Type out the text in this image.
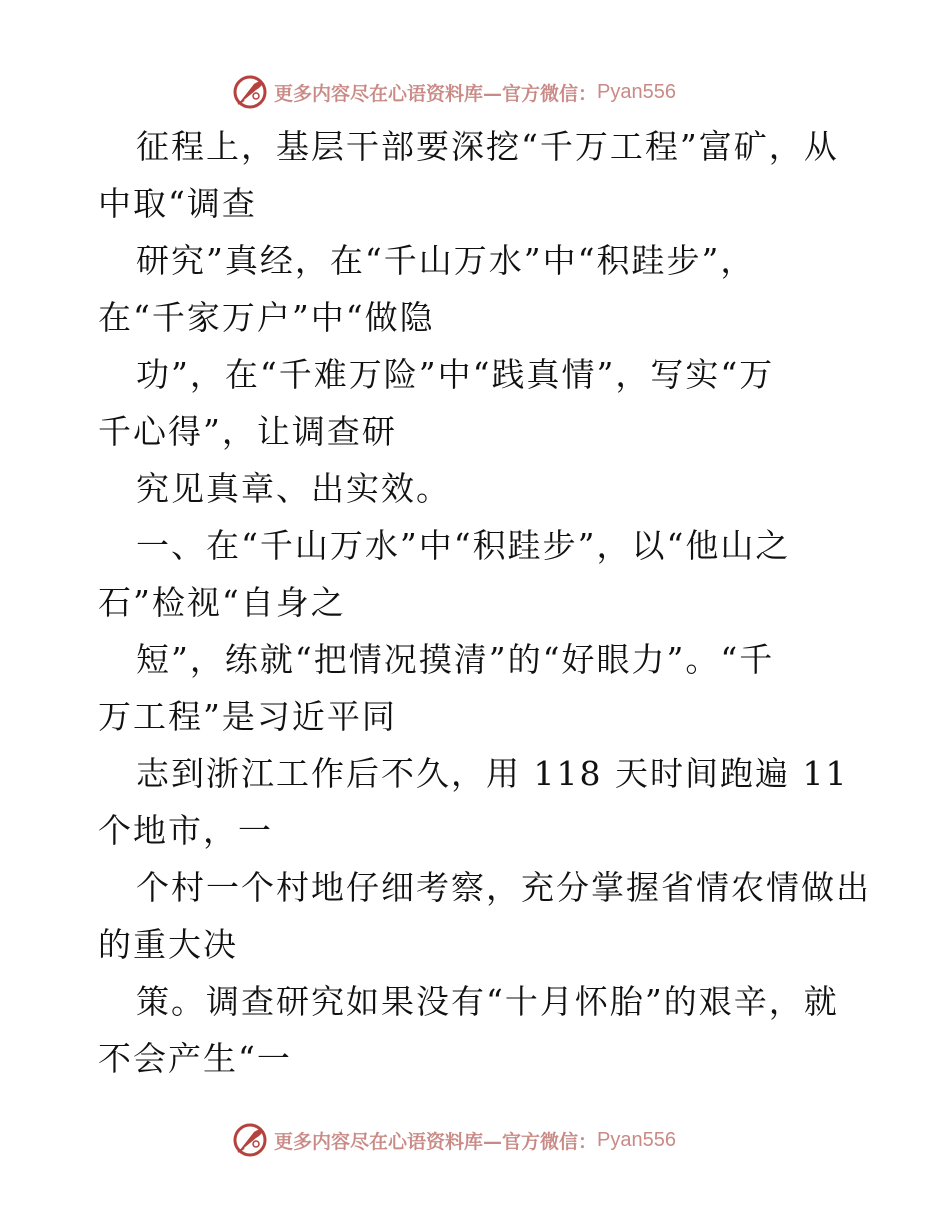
更多内容尽在心语资料库—官方微信： Pyan556
征程上，基层干部要深挖“千万工程”富矿，从
中取“调查
研究”真经，在“千山万水”中“积跬步”，
在“千家万户”中“做隐
功”，在“千难万险”中“践真情”，写实“万
千心得”，让调查研
究见真章、出实效。
一、在“千山万水”中“积跬步”，以“他山之
石”检视“自身之
短”，练就“把情况摸清”的“好眼力”。“千
万工程”是习近平同
志到浙江工作后不久，用 118 天时间跑遍 11
个地市，一
个村一个村地仔细考察，充分掌握省情农情做出
的重大决
策。调查研究如果没有“十月怀胎”的艰辛，就
不会产生“一
更多内容尽在心语资料库—官方微信： Pyan556
